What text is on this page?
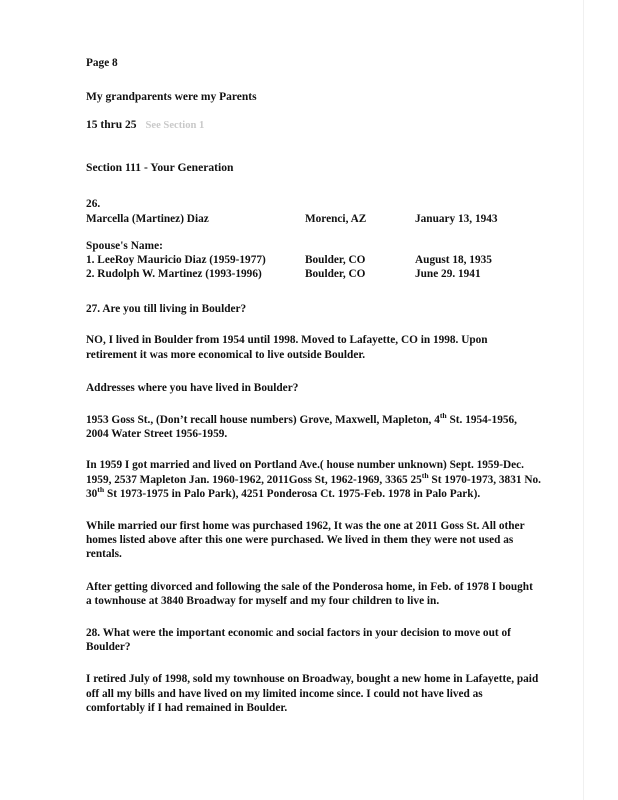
Page 8
My grandparents were my Parents
15 thru 25 See Section 1
Section 111 - Your Generation
26.
Marcella (Martinez) Diaz	Morenci, AZ	January 13, 1943
Spouse's Name:
1. LeeRoy Mauricio Diaz (1959-1977)	Boulder, CO	August 18, 1935
2. Rudolph W. Martinez (1993-1996)	Boulder, CO	June 29. 1941
27. Are you till living in Boulder?
NO, I lived in Boulder from 1954 until 1998. Moved to Lafayette, CO in 1998. Upon retirement it was more economical to live outside Boulder.
Addresses where you have lived in Boulder?
1953 Goss St., (Don’t recall house numbers) Grove, Maxwell, Mapleton, 4th St. 1954-1956, 2004 Water Street 1956-1959.
In 1959 I got married and lived on Portland Ave.( house number unknown) Sept. 1959-Dec. 1959, 2537 Mapleton Jan. 1960-1962, 2011Goss St, 1962-1969, 3365 25th St 1970-1973, 3831 No. 30th St 1973-1975 in Palo Park), 4251 Ponderosa Ct. 1975-Feb. 1978 in Palo Park).
While married our first home was purchased 1962, It was the one at 2011 Goss St. All other homes listed above after this one were purchased. We lived in them they were not used as rentals.
After getting divorced and following the sale of the Ponderosa home, in Feb. of 1978 I bought a townhouse at 3840 Broadway for myself and my four children to live in.
28. What were the important economic and social factors in your decision to move out of Boulder?
I retired July of 1998, sold my townhouse on Broadway, bought a new home in Lafayette, paid off all my bills and have lived on my limited income since. I could not have lived as comfortably if I had remained in Boulder.
